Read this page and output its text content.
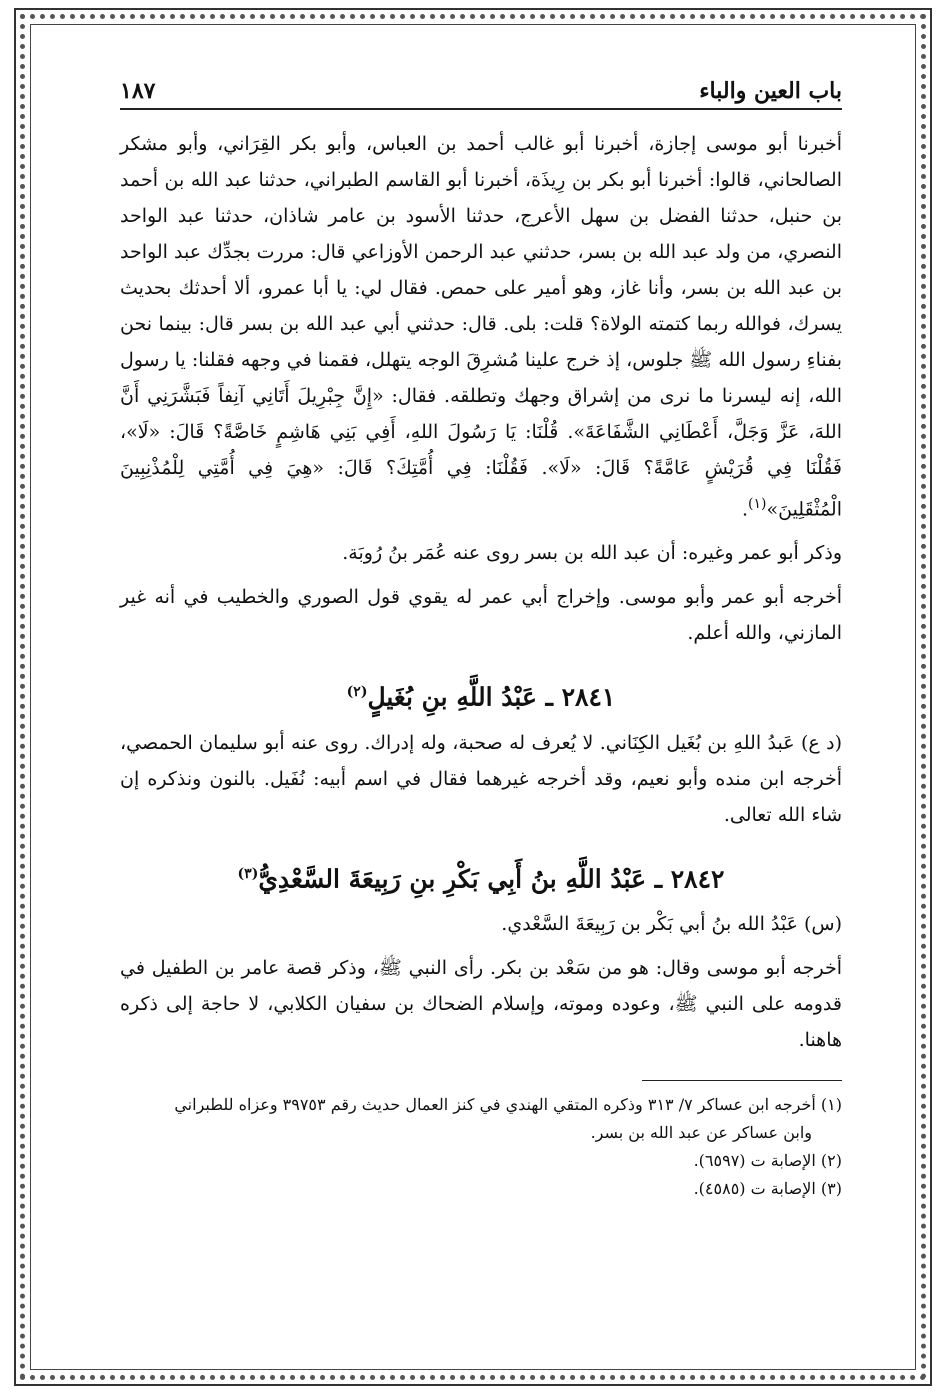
باب العين والباء
١٨٧

أخبرنا أبو موسى إجازة، أخبرنا أبو غالب أحمد بن العباس، وأبو بكر القِرَاني، وأبو مشكر الصالحاني، قالوا: أخبرنا أبو بكر بن رِيذَة، أخبرنا أبو القاسم الطبراني، حدثنا عبد الله بن أحمد بن حنبل، حدثنا الفضل بن سهل الأعرج، حدثنا الأسود بن عامر شاذان، حدثنا عبد الواحد النصري، من ولد عبد الله بن بسر، حدثني عبد الرحمن الأوزاعي قال: مررت بجدِّك عبد الواحد بن عبد الله بن بسر، وأنا غاز، وهو أمير على حمص. فقال لي: يا أبا عمرو، ألا أحدثك بحديث يسرك، فوالله ربما كتمته الولاة؟ قلت: بلى. قال: حدثني أبي عبد الله بن بسر قال: بينما نحن بفناءِ رسول الله ﷺ جلوس، إذ خرج علينا مُشرِقَ الوجه يتهلل، فقمنا في وجهه فقلنا: يا رسول الله، إنه ليسرنا ما نرى من إشراق وجهك وتطلقه. فقال: «إِنَّ جِبْرِيلَ أَتَانِي آنِفاً فَبَشَّرَنِي أَنَّ اللهَ، عَزَّ وَجَلَّ، أَعْطَانِي الشَّفَاعَةَ». قُلْنَا: يَا رَسُولَ اللهِ، أَفِي بَنِي هَاشِمٍ خَاصَّةً؟ قَالَ: «لَا»، فَقُلْنَا فِي قُرَيْشٍ عَامَّةً؟ قَالَ: «لَا». فَقُلْنَا: فِي أُمَّتِكَ؟ قَالَ: «هِيَ فِي أُمَّتِي لِلْمُذْنِبِينَ الْمُثْقَلِينَ»$^{(١)}$.

وذكر أبو عمر وغيره: أن عبد الله بن بسر روى عنه عُمَر بنُ رُوبَة.

أخرجه أبو عمر وأبو موسى. وإخراج أبي عمر له يقوي قول الصوري والخطيب في أنه غير المازني، والله أعلم.

٢٨٤١ ـ عَبْدُ اللَّهِ بنِ بُغَيلٍ$^{(٢)}$

(د ع) عَبدُ اللهِ بن بُغَيل الكِنَاني. لا يُعرف له صحبة، وله إدراك. روى عنه أبو سليمان الحمصي، أخرجه ابن منده وأبو نعيم، وقد أخرجه غيرهما فقال في اسم أبيه: نُفَيل. بالنون ونذكره إن شاء الله تعالى.

٢٨٤٢ ـ عَبْدُ اللَّهِ بنُ أَبِي بَكْرِ بنِ رَبِيعَةَ السَّعْدِيُّ$^{(٣)}$

(س) عَبْدُ الله بنُ أبي بَكْر بن رَبِيعَةَ السَّعْدي.

أخرجه أبو موسى وقال: هو من سَعْد بن بكر. رأى النبي ﷺ، وذكر قصة عامر بن الطفيل في قدومه على النبي ﷺ، وعوده وموته، وإسلام الضحاك بن سفيان الكلابي، لا حاجة إلى ذكره هاهنا.

(١) أخرجه ابن عساكر ٧/ ٣١٣ وذكره المتقي الهندي في كنز العمال حديث رقم ٣٩٧٥٣ وعزاه للطبراني

وابن عساكر عن عبد الله بن بسر.

(٢) الإصابة ت (٦٥٩٧).

(٣) الإصابة ت (٤٥٨٥).
